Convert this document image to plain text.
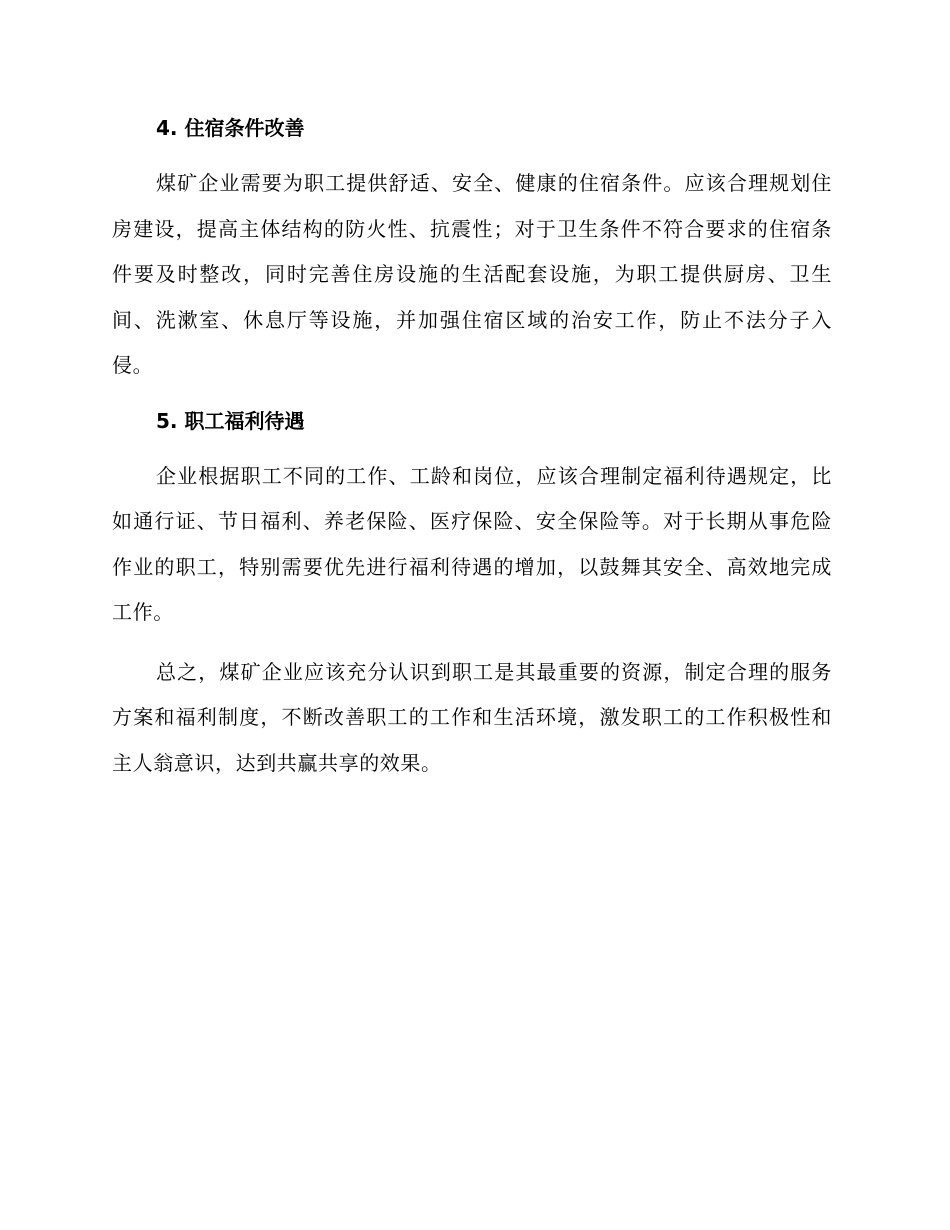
4. 住宿条件改善

煤矿企业需要为职工提供舒适、安全、健康的住宿条件。应该合理规划住房建设，提高主体结构的防火性、抗震性；对于卫生条件不符合要求的住宿条件要及时整改，同时完善住房设施的生活配套设施，为职工提供厨房、卫生间、洗漱室、休息厅等设施，并加强住宿区域的治安工作，防止不法分子入侵。

5. 职工福利待遇

企业根据职工不同的工作、工龄和岗位，应该合理制定福利待遇规定，比如通行证、节日福利、养老保险、医疗保险、安全保险等。对于长期从事危险作业的职工，特别需要优先进行福利待遇的增加，以鼓舞其安全、高效地完成工作。

总之，煤矿企业应该充分认识到职工是其最重要的资源，制定合理的服务方案和福利制度，不断改善职工的工作和生活环境，激发职工的工作积极性和主人翁意识，达到共赢共享的效果。
